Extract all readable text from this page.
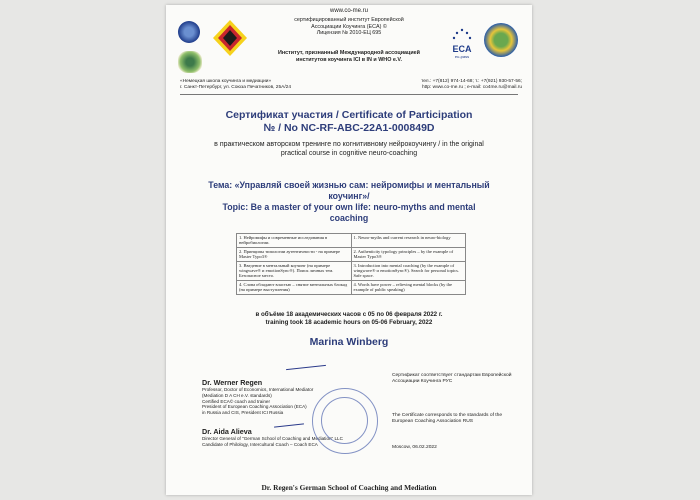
www.co-me.ru
сертифицированный институт Европейской
Ассоциации Коучинга (ECA) ©
Лицензия № 2010-ЕЦ 695
Институт, признанный Международной ассоциацией
институтов коучинга ICI в IN и WHO е.V.
ECA
eu-pass
«Немецкая школа коучинга и медиации»
г. Санкт-Петербург, ул. Союза Печатников, 25А/24
тел.: +7(812) 974-14-68; т.: +7(921) 930-57-56;
http: www.co-me.ru ; e-mail: co4me.ru@mail.ru
Сертификат участия / Certificate of Participation
№ / No NC-RF-ABC-22A1-000849D
в практическом авторском тренинге по когнитивному нейрокоучингу / in the original practical course in cognitive neuro-coaching
Тема: «Управляй своей жизнью сам: нейромифы и ментальный коучинг»/
Topic: Be a master of your own life: neuro-myths and mental coaching
1. Нейромифы и современные исследования в нейробиологии.	1. Neuro-myths and current research in neuro-biology
2. Принципы типологии аутентичности - на примере Master Typo3®	2. Authenticity typology principles – by the example of Master Typo3®
3. Введение в ментальный коучинг (на примере wingwave® и emotionSync®). Поиск личных тем. Безопасное место.	3. Introduction into mental coaching (by the example of wingwave® и emotionSync®). Search for personal topics. Safe space.
4. Слова обладают властью – снятие ментальных блокад (на примере выступления)	4. Words have power – relieving mental blocks (by the example of public speaking)
в объёме 18 академических часов с 05 по 06 февраля 2022 г.
training took 18 academic hours on 05-06 February, 2022
Marina Winberg
Dr. Werner Regen
Professor, Doctor of Economics, International Mediator
(Mediation D A CH e.V. standards)
Certified ECA© coach and trainer
President of European Coaching Association (ECA)
in Russia and CIS, President ICI Russia
Dr. Aida Alieva
Director General of "German School of Coaching and Mediation" LLC
Candidate of Philology, Intercultural Coach – Coach ECA
Сертификат соответствует стандартам Европейской Ассоциации Коучинга РУС
The Certificate corresponds to the standards of the European Coaching Association RUS
Moscow, 06.02.2022
Dr. Regen's German School of Coaching and Mediation
